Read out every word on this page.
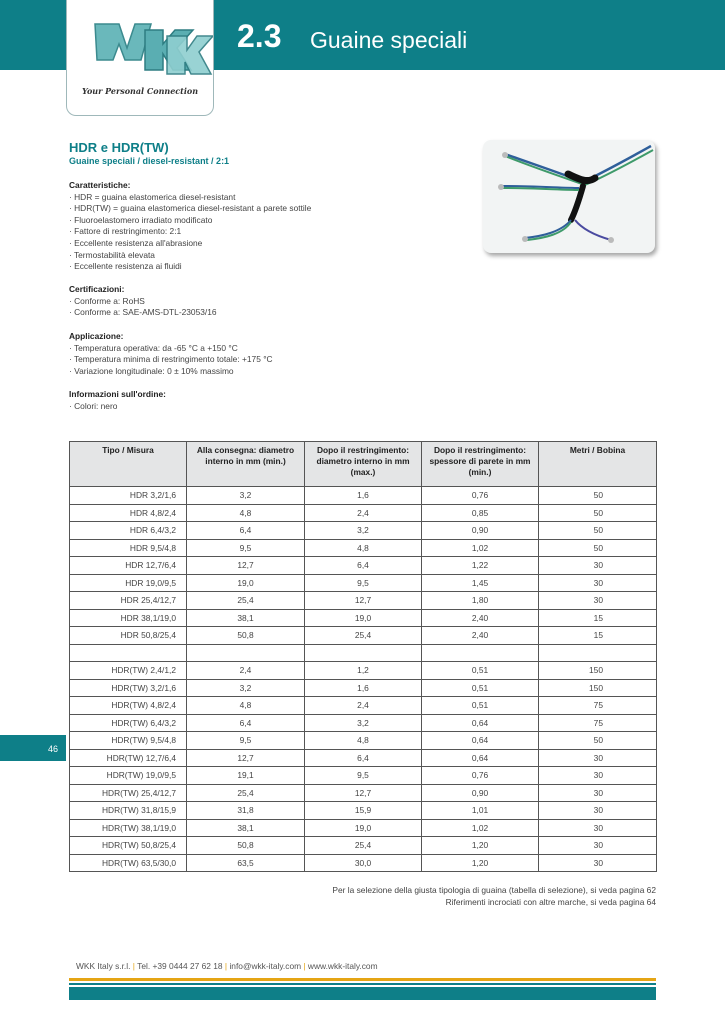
Your Personal Connection
2.3 Guaine speciali
HDR e HDR(TW)
Guaine speciali / diesel-resistant / 2:1
Caratteristiche:
· HDR = guaina elastomerica diesel-resistant
· HDR(TW) = guaina elastomerica diesel-resistant a parete sottile
· Fluoroelastomero irradiato modificato
· Fattore di restringimento: 2:1
· Eccellente resistenza all'abrasione
· Termostabilità elevata
· Eccellente resistenza ai fluidi
Certificazioni:
· Conforme a: RoHS
· Conforme a: SAE-AMS-DTL-23053/16
Applicazione:
· Temperatura operativa: da -65 °C a +150 °C
· Temperatura minima di restringimento totale: +175 °C
· Variazione longitudinale: 0 ± 10% massimo
Informazioni sull'ordine:
· Colori: nero
Tipo / Misura	Alla consegna: diametro interno in mm (min.)	Dopo il restringimento: diametro interno in mm (max.)	Dopo il restringimento: spessore di parete in mm (min.)	Metri / Bobina
HDR 3,2/1,6	3,2	1,6	0,76	50
HDR 4,8/2,4	4,8	2,4	0,85	50
HDR 6,4/3,2	6,4	3,2	0,90	50
HDR 9,5/4,8	9,5	4,8	1,02	50
HDR 12,7/6,4	12,7	6,4	1,22	30
HDR 19,0/9,5	19,0	9,5	1,45	30
HDR 25,4/12,7	25,4	12,7	1,80	30
HDR 38,1/19,0	38,1	19,0	2,40	15
HDR 50,8/25,4	50,8	25,4	2,40	15

HDR(TW) 2,4/1,2	2,4	1,2	0,51	150
HDR(TW) 3,2/1,6	3,2	1,6	0,51	150
HDR(TW) 4,8/2,4	4,8	2,4	0,51	75
HDR(TW) 6,4/3,2	6,4	3,2	0,64	75
HDR(TW) 9,5/4,8	9,5	4,8	0,64	50
HDR(TW) 12,7/6,4	12,7	6,4	0,64	30
HDR(TW) 19,0/9,5	19,1	9,5	0,76	30
HDR(TW) 25,4/12,7	25,4	12,7	0,90	30
HDR(TW) 31,8/15,9	31,8	15,9	1,01	30
HDR(TW) 38,1/19,0	38,1	19,0	1,02	30
HDR(TW) 50,8/25,4	50,8	25,4	1,20	30
HDR(TW) 63,5/30,0	63,5	30,0	1,20	30
Per la selezione della giusta tipologia di guaina (tabella di selezione), si veda pagina 62
Riferimenti incrociati con altre marche, si veda pagina 64
46
WKK Italy s.r.l. | Tel. +39 0444 27 62 18 | info@wkk-italy.com | www.wkk-italy.com
